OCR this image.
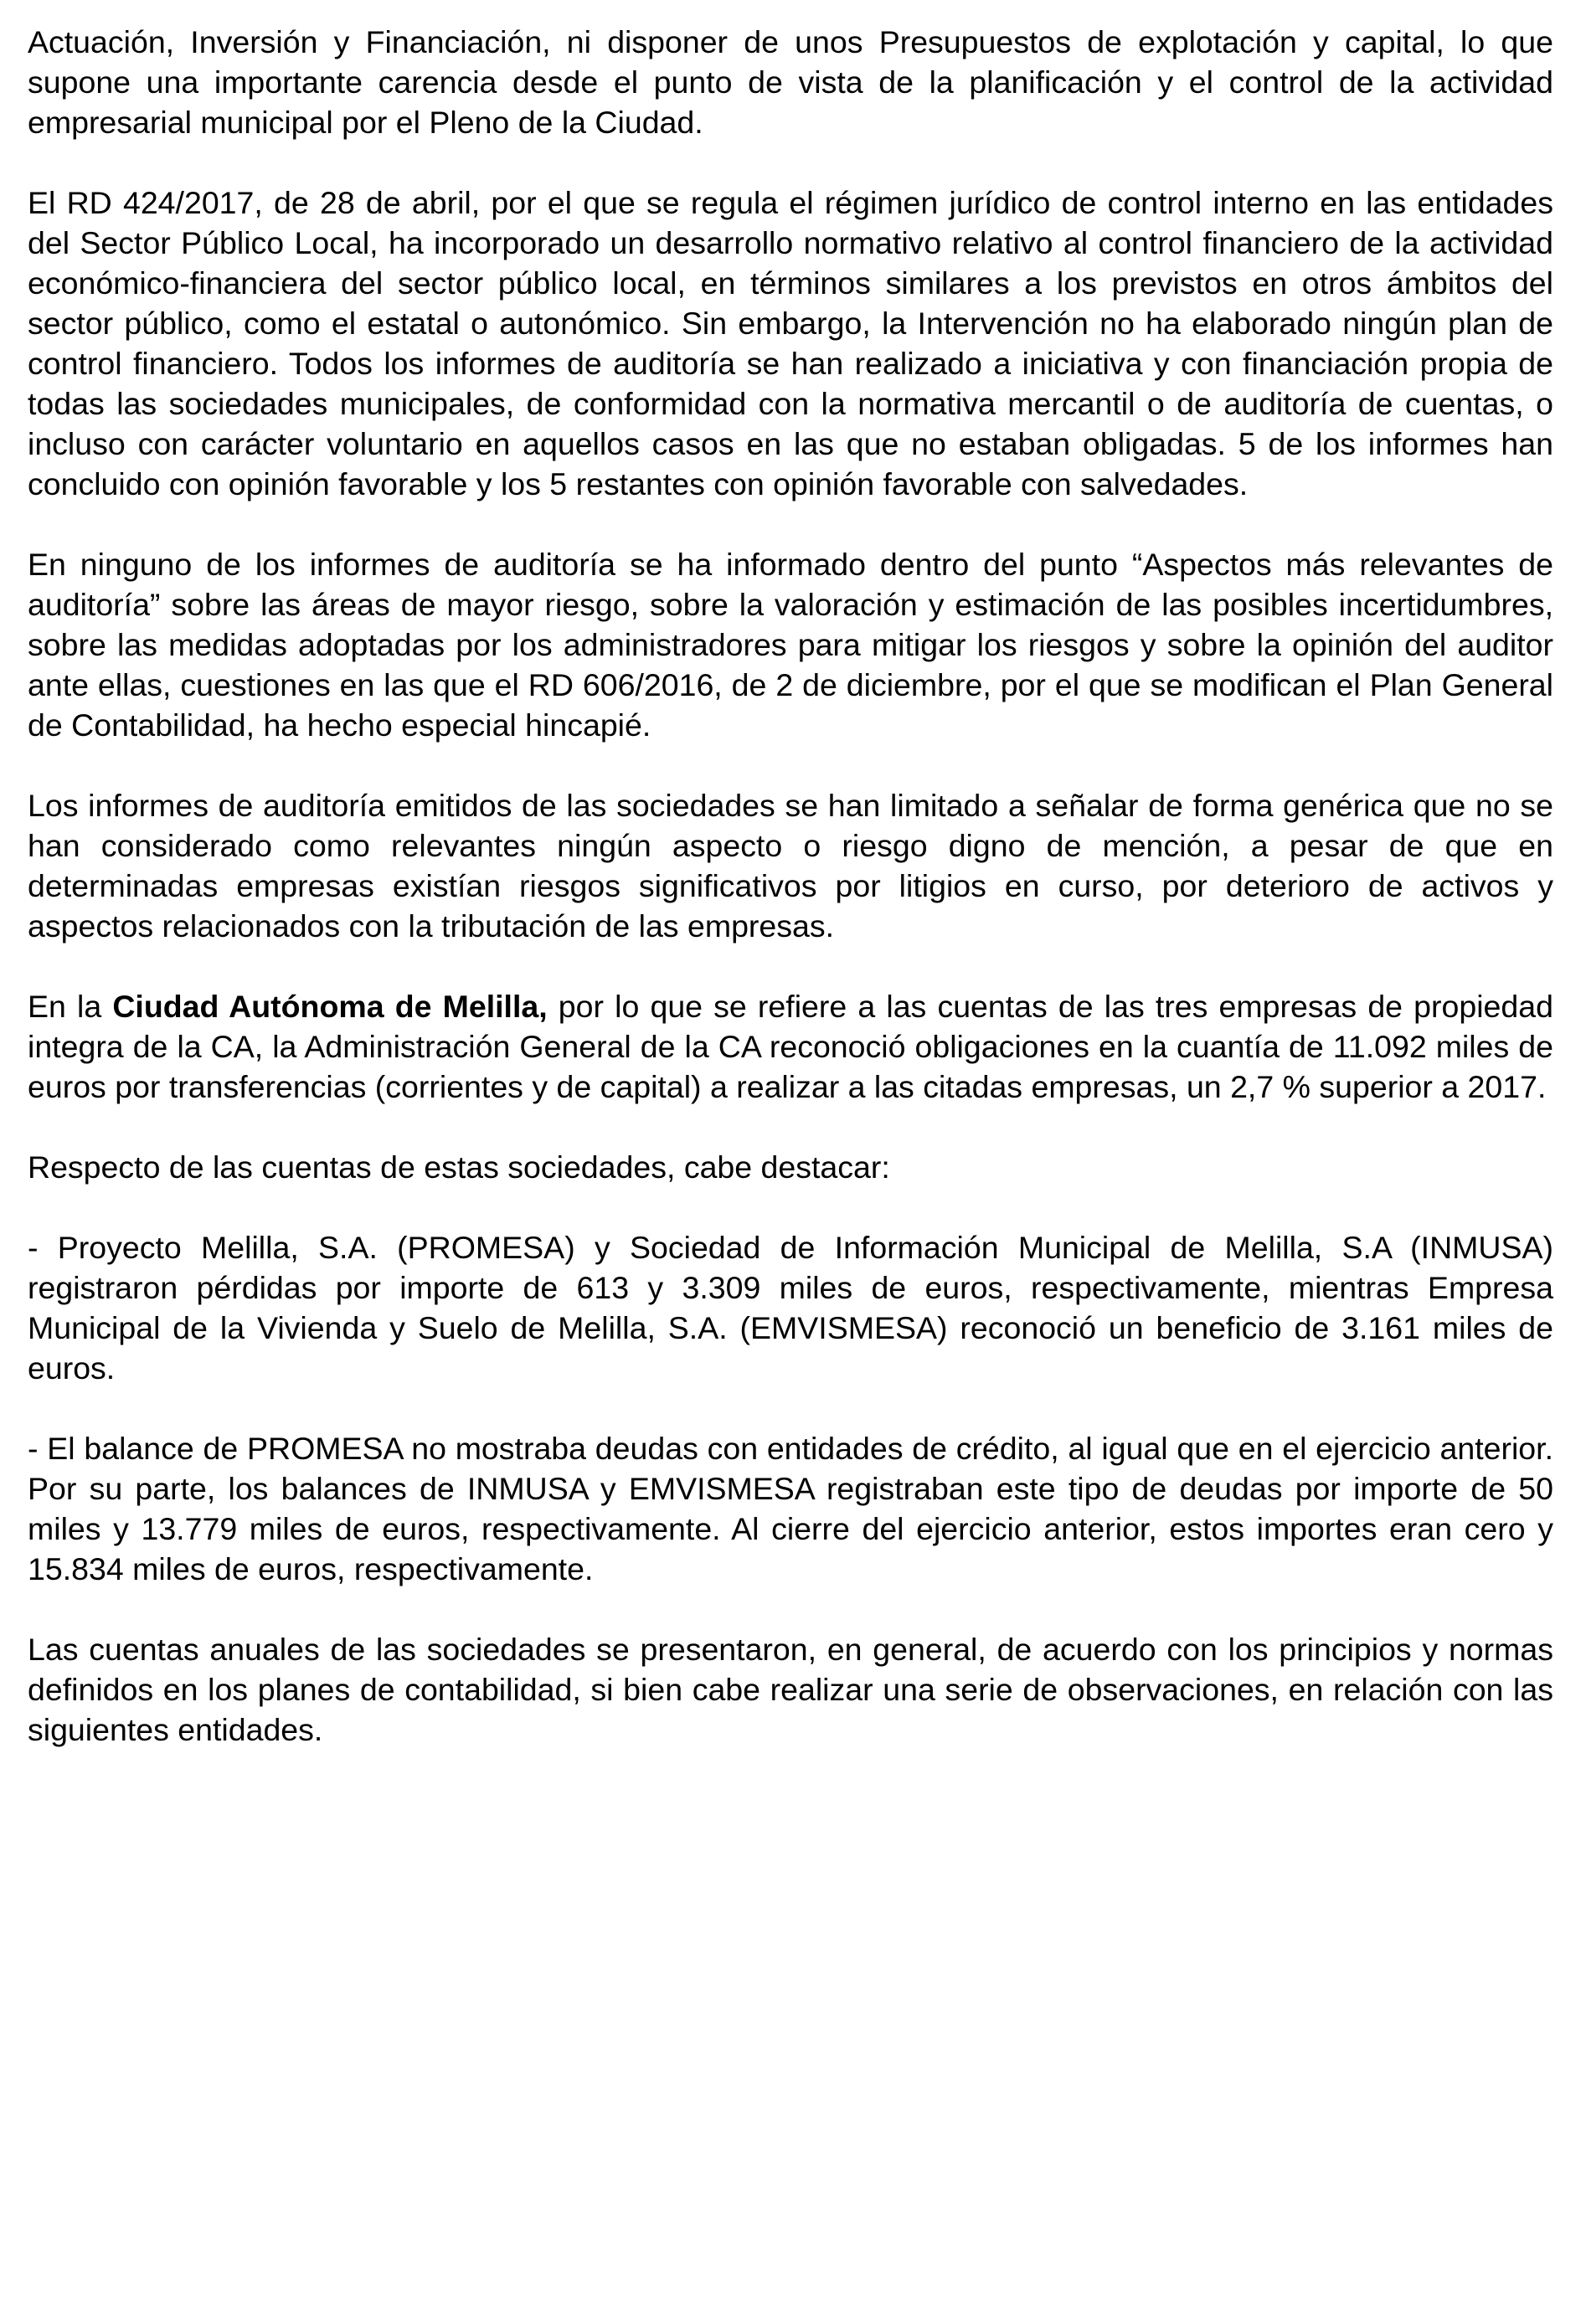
Actuación, Inversión y Financiación, ni disponer de unos Presupuestos de explotación y capital, lo que supone una importante carencia desde el punto de vista de la planificación y el control de la actividad empresarial municipal por el Pleno de la Ciudad.

El RD 424/2017, de 28 de abril, por el que se regula el régimen jurídico de control interno en las entidades del Sector Público Local, ha incorporado un desarrollo normativo relativo al control financiero de la actividad económico-financiera del sector público local, en términos similares a los previstos en otros ámbitos del sector público, como el estatal o autonómico. Sin embargo, la Intervención no ha elaborado ningún plan de control financiero. Todos los informes de auditoría se han realizado a iniciativa y con financiación propia de todas las sociedades municipales, de conformidad con la normativa mercantil o de auditoría de cuentas, o incluso con carácter voluntario en aquellos casos en las que no estaban obligadas. 5 de los informes han concluido con opinión favorable y los 5 restantes con opinión favorable con salvedades.

En ninguno de los informes de auditoría se ha informado dentro del punto “Aspectos más relevantes de auditoría” sobre las áreas de mayor riesgo, sobre la valoración y estimación de las posibles incertidumbres, sobre las medidas adoptadas por los administradores para mitigar los riesgos y sobre la opinión del auditor ante ellas, cuestiones en las que el RD 606/2016, de 2 de diciembre, por el que se modifican el Plan General de Contabilidad, ha hecho especial hincapié.

Los informes de auditoría emitidos de las sociedades se han limitado a señalar de forma genérica que no se han considerado como relevantes ningún aspecto o riesgo digno de mención, a pesar de que en determinadas empresas existían riesgos significativos por litigios en curso, por deterioro de activos y aspectos relacionados con la tributación de las empresas.

En la Ciudad Autónoma de Melilla, por lo que se refiere a las cuentas de las tres empresas de propiedad integra de la CA, la Administración General de la CA reconoció obligaciones en la cuantía de 11.092 miles de euros por transferencias (corrientes y de capital) a realizar a las citadas empresas, un 2,7 % superior a 2017.

Respecto de las cuentas de estas sociedades, cabe destacar:

- Proyecto Melilla, S.A. (PROMESA) y Sociedad de Información Municipal de Melilla, S.A (INMUSA) registraron pérdidas por importe de 613 y 3.309 miles de euros, respectivamente, mientras Empresa Municipal de la Vivienda y Suelo de Melilla, S.A. (EMVISMESA) reconoció un beneficio de 3.161 miles de euros.

- El balance de PROMESA no mostraba deudas con entidades de crédito, al igual que en el ejercicio anterior. Por su parte, los balances de INMUSA y EMVISMESA registraban este tipo de deudas por importe de 50 miles y 13.779 miles de euros, respectivamente. Al cierre del ejercicio anterior, estos importes eran cero y 15.834 miles de euros, respectivamente.

Las cuentas anuales de las sociedades se presentaron, en general, de acuerdo con los principios y normas definidos en los planes de contabilidad, si bien cabe realizar una serie de observaciones, en relación con las siguientes entidades.
